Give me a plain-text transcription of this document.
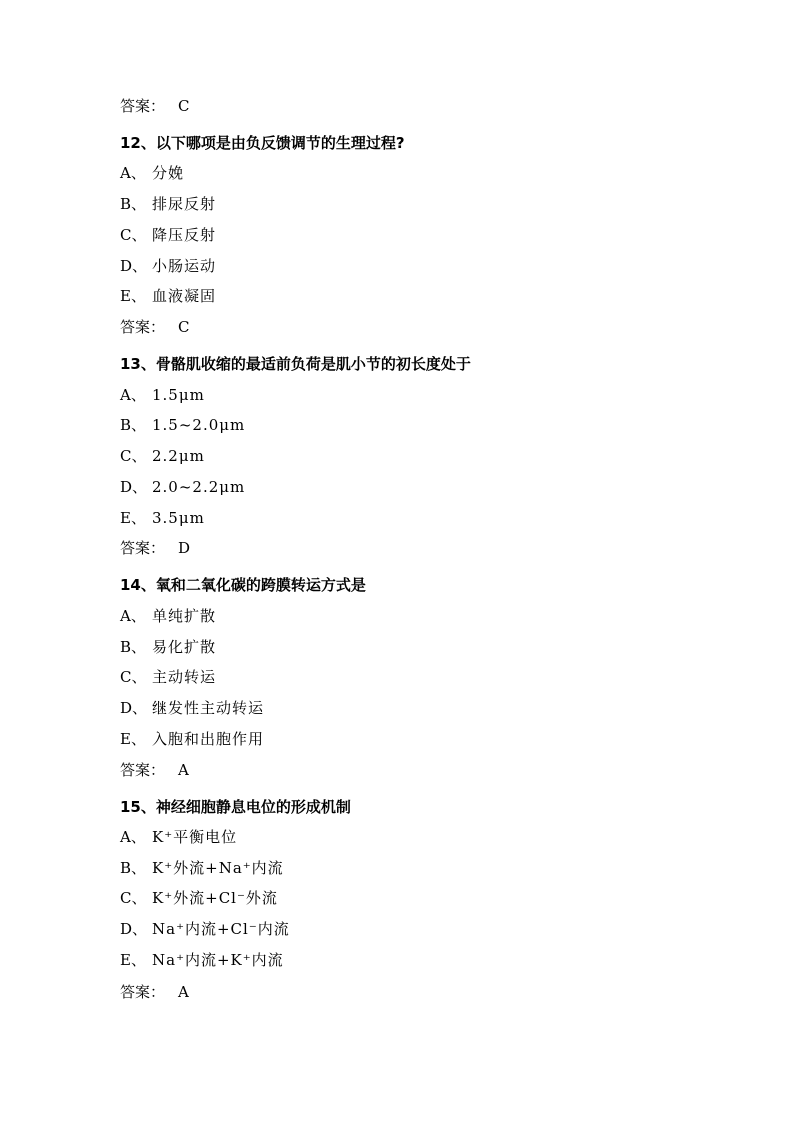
答案： C
12、以下哪项是由负反馈调节的生理过程?
A、 分娩
B、 排尿反射
C、 降压反射
D、 小肠运动
E、 血液凝固
答案： C
13、骨骼肌收缩的最适前负荷是肌小节的初长度处于
A、 1.5μm
B、 1.5~2.0μm
C、 2.2μm
D、 2.0~2.2μm
E、 3.5μm
答案： D
14、氧和二氧化碳的跨膜转运方式是
A、 单纯扩散
B、 易化扩散
C、 主动转运
D、 继发性主动转运
E、 入胞和出胞作用
答案： A
15、神经细胞静息电位的形成机制
A、 K⁺平衡电位
B、 K⁺外流+Na⁺内流
C、 K⁺外流+Cl⁻外流
D、 Na⁺内流+Cl⁻内流
E、 Na⁺内流+K⁺内流
答案： A
